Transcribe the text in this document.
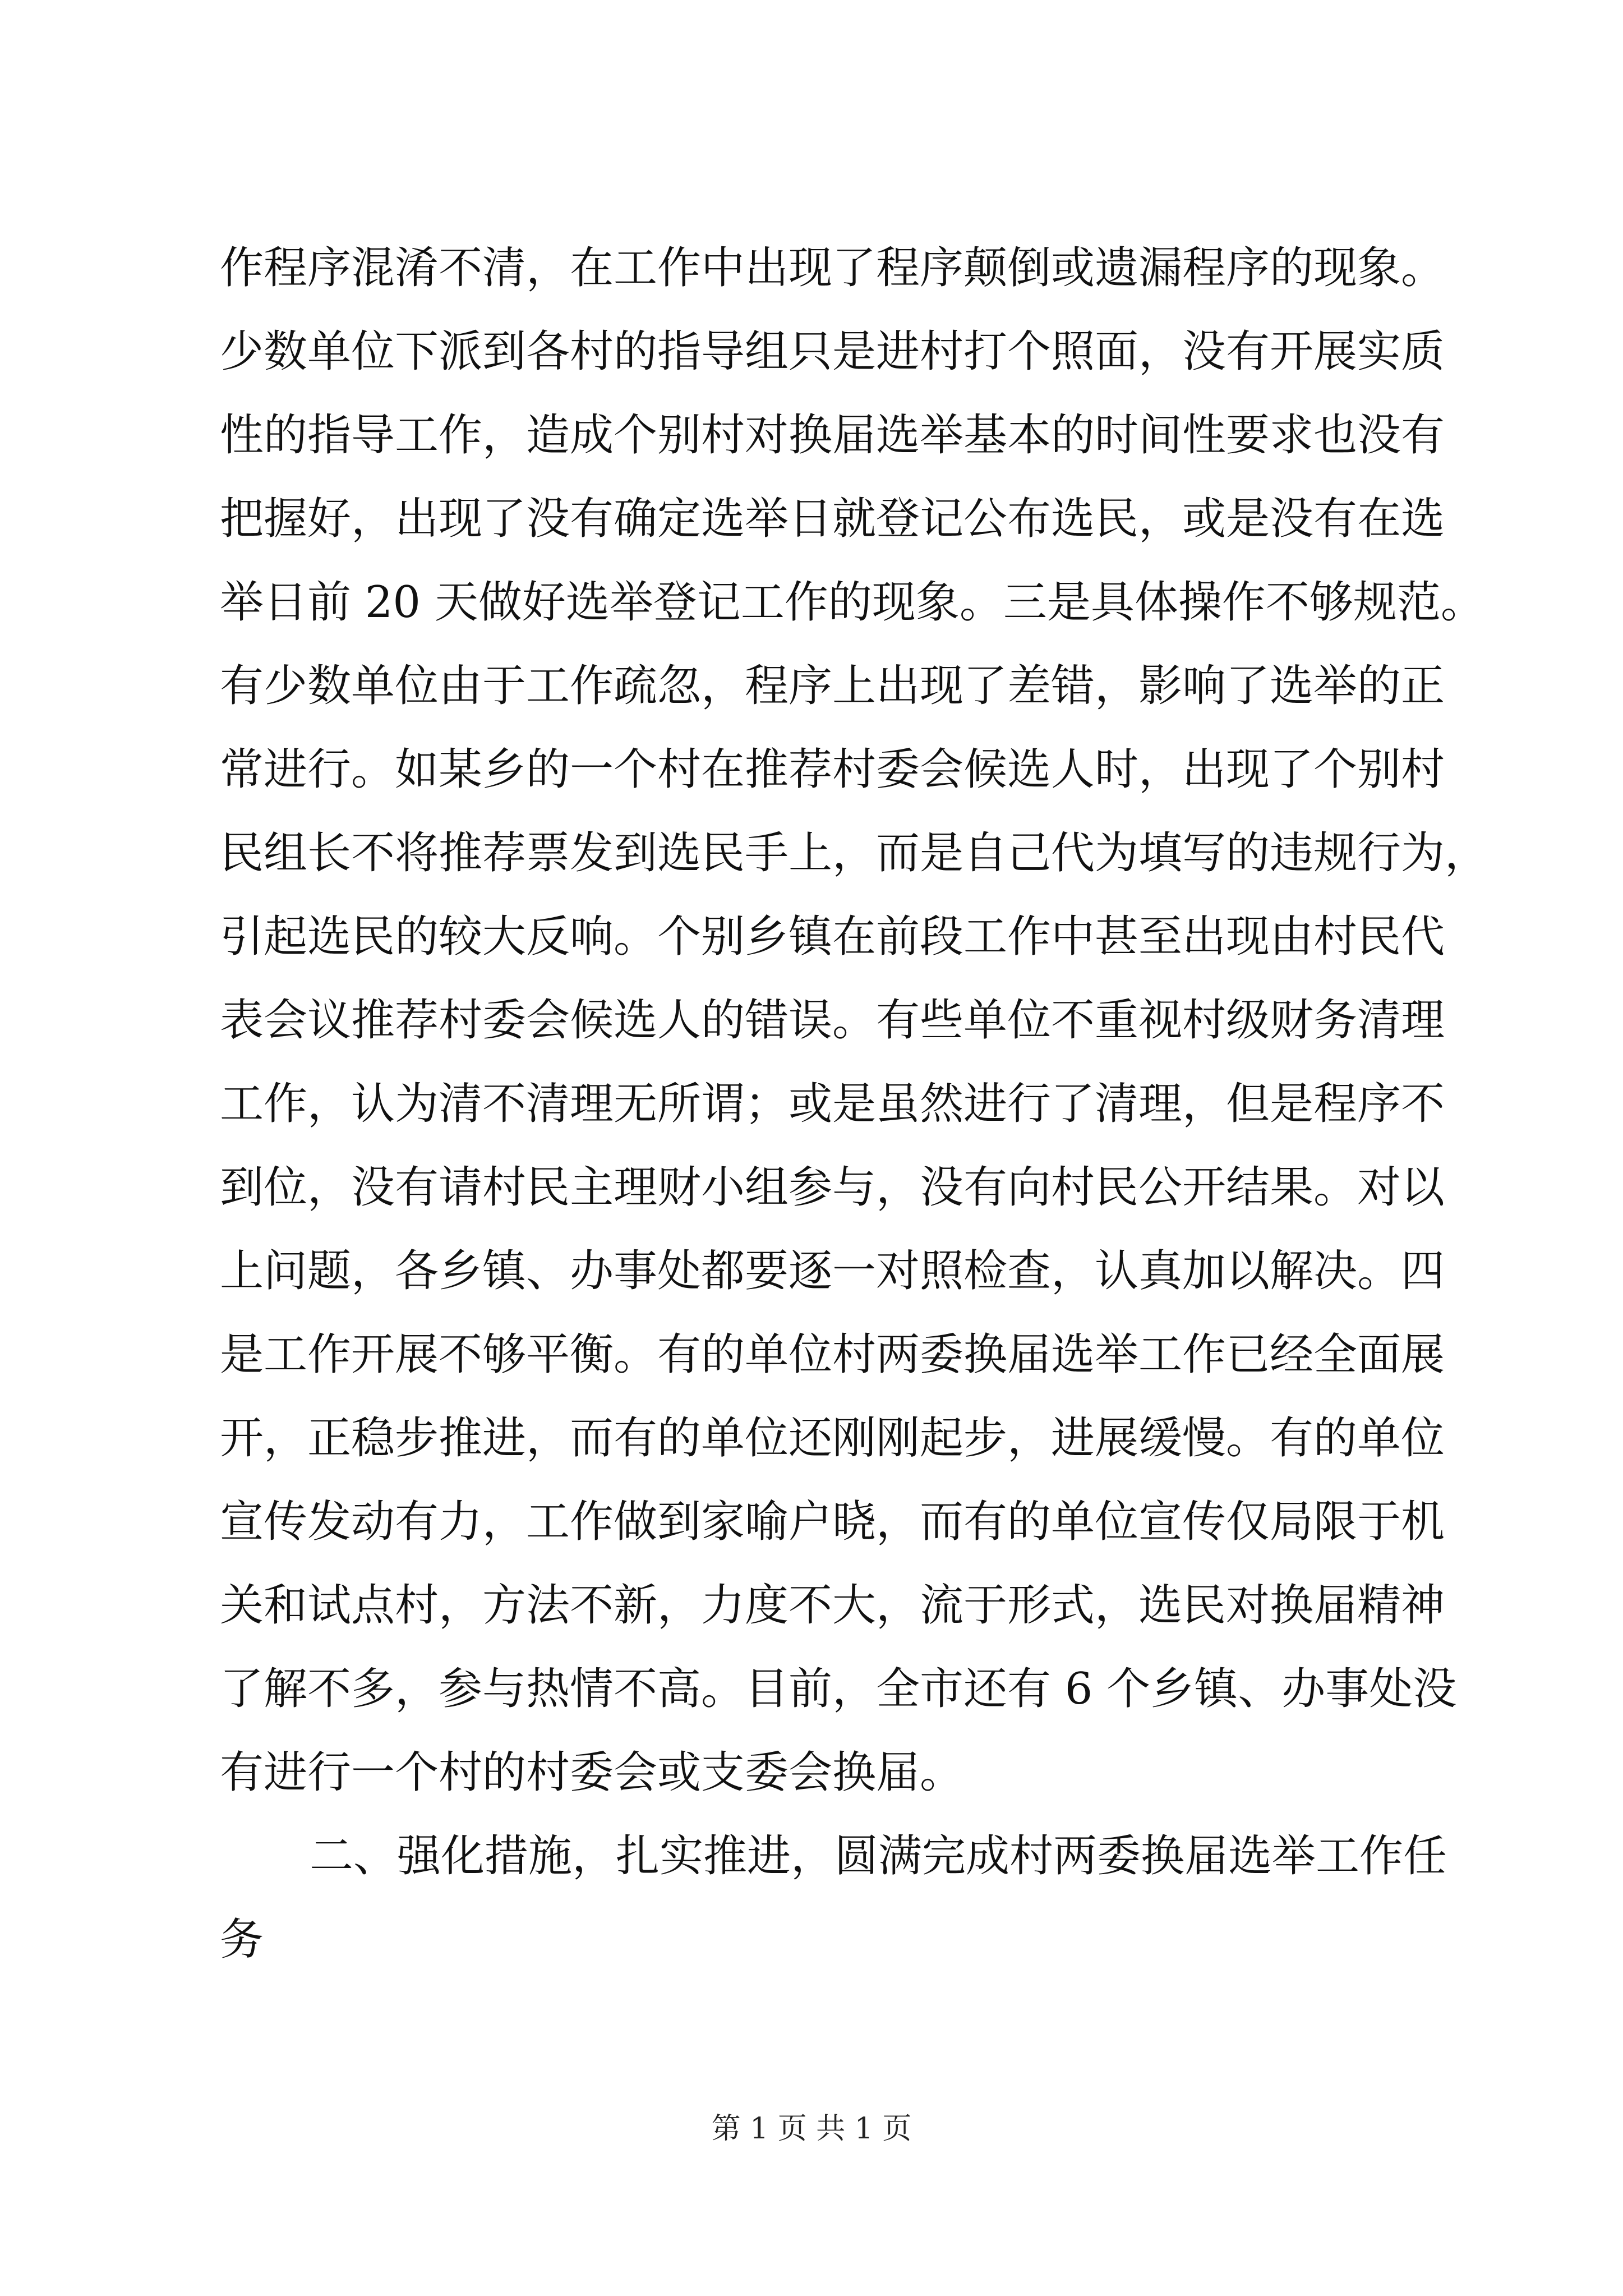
作程序混淆不清，在工作中出现了程序颠倒或遗漏程序的现象。
少数单位下派到各村的指导组只是进村打个照面，没有开展实质
性的指导工作，造成个别村对换届选举基本的时间性要求也没有
把握好，出现了没有确定选举日就登记公布选民，或是没有在选
举日前 20 天做好选举登记工作的现象。三是具体操作不够规范。
有少数单位由于工作疏忽，程序上出现了差错，影响了选举的正
常进行。如某乡的一个村在推荐村委会候选人时，出现了个别村
民组长不将推荐票发到选民手上，而是自己代为填写的违规行为，
引起选民的较大反响。个别乡镇在前段工作中甚至出现由村民代
表会议推荐村委会候选人的错误。有些单位不重视村级财务清理
工作，认为清不清理无所谓；或是虽然进行了清理，但是程序不
到位，没有请村民主理财小组参与，没有向村民公开结果。对以
上问题，各乡镇、办事处都要逐一对照检查，认真加以解决。四
是工作开展不够平衡。有的单位村两委换届选举工作已经全面展
开，正稳步推进，而有的单位还刚刚起步，进展缓慢。有的单位
宣传发动有力，工作做到家喻户晓，而有的单位宣传仅局限于机
关和试点村，方法不新，力度不大，流于形式，选民对换届精神
了解不多，参与热情不高。目前，全市还有 6 个乡镇、办事处没
有进行一个村的村委会或支委会换届。
二、强化措施，扎实推进，圆满完成村两委换届选举工作任
务
第 1 页 共 1 页
